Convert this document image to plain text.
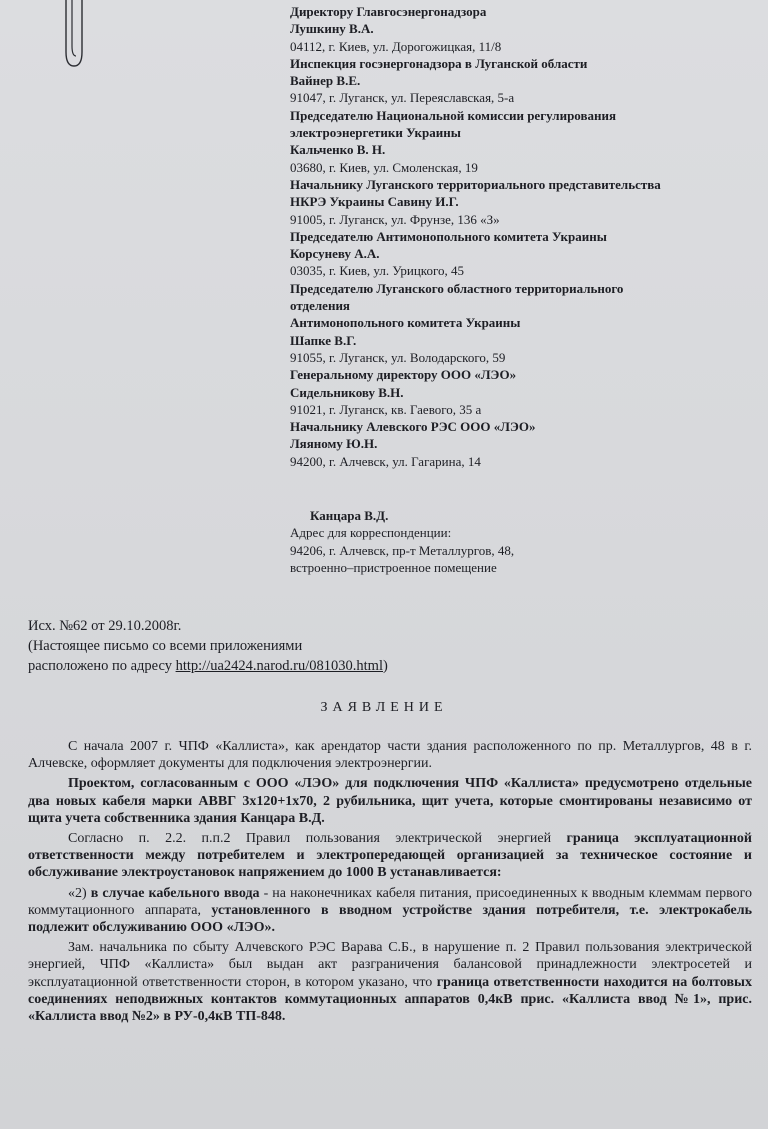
Директору Главгосэнергонадзора
Лушкину В.А.
04112, г. Киев, ул. Дорогожицкая, 11/8
Инспекция госэнергонадзора в Луганской области
Вайнер В.Е.
91047, г. Луганск, ул. Переяславская, 5-а
Председателю Национальной комиссии регулирования
электроэнергетики Украины
Кальченко В. Н.
03680, г. Киев, ул. Смоленская, 19
Начальнику Луганского территориального представительства
НКРЭ Украины Савину И.Г.
91005, г. Луганск, ул. Фрунзе, 136 «З»
Председателю Антимонопольного комитета Украины
Корсуневу А.А.
03035, г. Киев, ул. Урицкого, 45
Председателю Луганского областного территориального
отделения
Антимонопольного комитета Украины
Шапке В.Г.
91055, г. Луганск, ул. Володарского, 59
Генеральному директору ООО «ЛЭО»
Сидельникову В.Н.
91021, г. Луганск, кв. Гаевого, 35 а
Начальнику Алевского РЭС ООО «ЛЭО»
Ляяному Ю.Н.
94200, г. Алчевск, ул. Гагарина, 14
Канцара В.Д.
Адрес для корреспонденции:
94206, г. Алчевск, пр-т Металлургов, 48,
встроенно–пристроенное помещение
Исх. №62 от 29.10.2008г.
(Настоящее письмо со всеми приложениями
расположено по адресу http://ua2424.narod.ru/081030.html)
ЗАЯВЛЕНИЕ

С начала 2007 г. ЧПФ «Каллиста», как арендатор части здания расположенного по пр. Металлургов, 48 в г. Алчевске, оформляет документы для подключения электроэнергии.

Проектом, согласованным с ООО «ЛЭО» для подключения ЧПФ «Каллиста» предусмотрено отдельные два новых кабеля марки АВВГ 3х120+1х70, 2 рубильника, щит учета, которые смонтированы независимо от щита учета собственника здания Канцара В.Д.

Согласно п. 2.2. п.п.2 Правил пользования электрической энергией граница эксплуатационной ответственности между потребителем и электропередающей организацией за техническое состояние и обслуживание электроустановок напряжением до 1000 В устанавливается:

«2) в случае кабельного ввода - на наконечниках кабеля питания, присоединенных к вводным клеммам первого коммутационного аппарата, установленного в вводном устройстве здания потребителя, т.е. электрокабель подлежит обслуживанию ООО «ЛЭО».

Зам. начальника по сбыту Алчевского РЭС Варава С.Б., в нарушение п. 2 Правил пользования электрической энергией, ЧПФ «Каллиста» был выдан акт разграничения балансовой принадлежности электросетей и эксплуатационной ответственности сторон, в котором указано, что граница ответственности находится на болтовых соединениях неподвижных контактов коммутационных аппаратов 0,4кВ прис. «Каллиста ввод №1», прис. «Каллиста ввод №2» в РУ-0,4кВ ТП-848.
